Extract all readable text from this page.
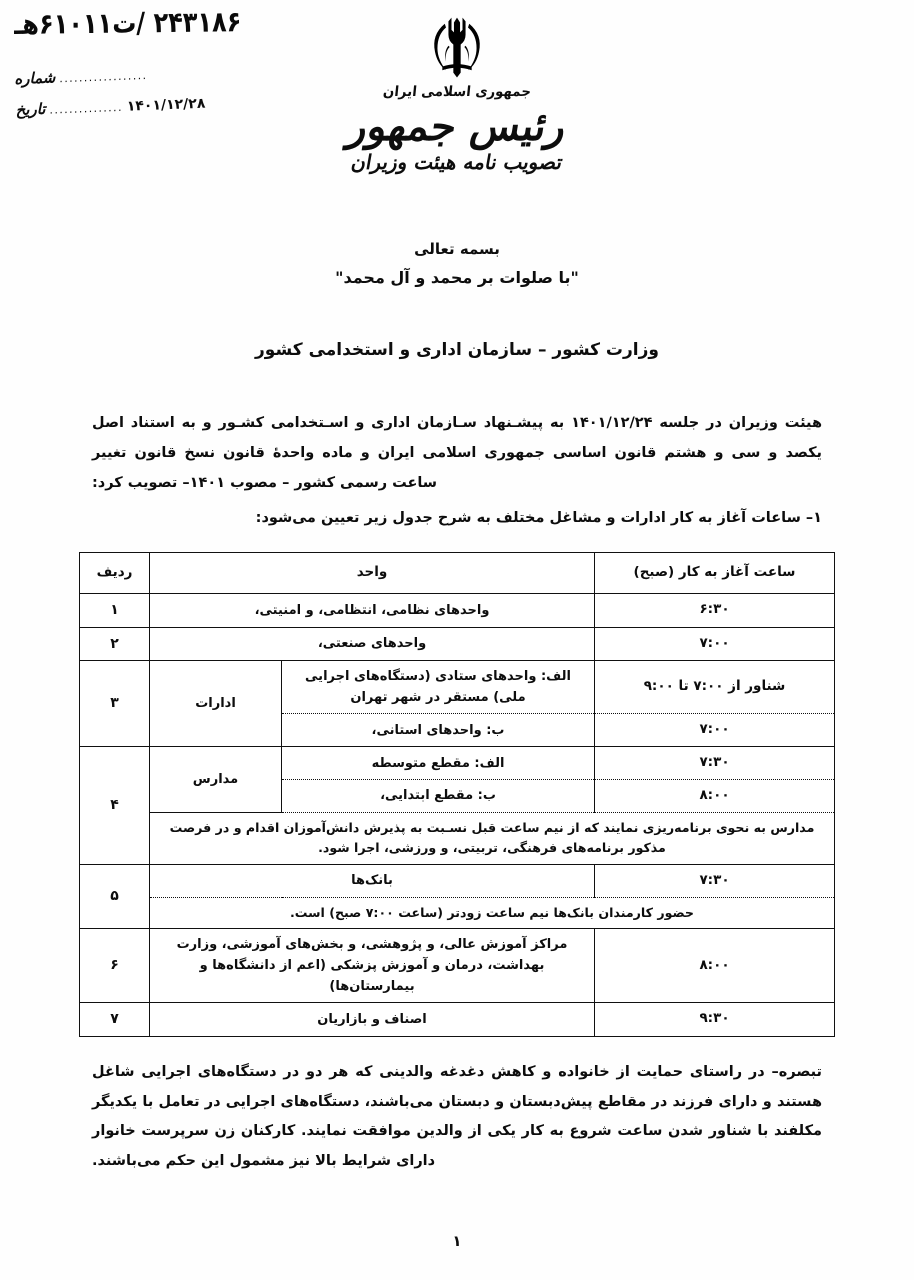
۲۴۳۱۸۶ /ت۶۱۰۱۱هـ
شماره ..................
تاریخ ............... ۱۴۰۱/۱۲/۲۸
جمهوری اسلامی ایران
رئیس جمهور
تصویب نامه هیئت وزیران
بسمه تعالی
"با صلوات بر محمد و آل محمد"
وزارت کشور – سازمان اداری و استخدامی کشور

هیئت وزیران در جلسه ۱۴۰۱/۱۲/۲۴ به پیشـنهاد سـازمان اداری و اسـتخدامی کشـور و به استناد اصل یکصد و سی و هشتم قانون اساسی جمهوری اسلامی ایران و ماده واحدهٔ قانون نسخ قانون تغییر ساعت رسمی کشور – مصوب ۱۴۰۱– تصویب کرد:

۱– ساعات آغاز به کار ادارات و مشاغل مختلف به شرح جدول زیر تعیین می‌شود:

ساعت آغاز به کار (صبح)	واحد		ردیف
۶:۳۰	واحدهای نظامی، انتظامی، و امنیتی،		۱
۷:۰۰	واحدهای صنعتی،		۲
شناور از ۷:۰۰ تا ۹:۰۰	الف: واحدهای ستادی (دستگاه‌های اجرایی ملی) مستقر در شهر تهران	ادارات	۳
۷:۰۰	ب: واحدهای استانی،		
۷:۳۰	الف: مقطع متوسطه	مدارس	۴
۸:۰۰	ب: مقطع ابتدایی،		
مدارس به نحوی برنامه‌ریزی نمایند که از نیم ساعت قبل نسـبت به پذیرش دانش‌آموزان اقدام و در فرصت مذکور برنامه‌های فرهنگی، تربیتی، و ورزشی، اجرا شود.			
۷:۳۰	بانک‌ها		۵
حضور کارمندان بانک‌ها نیم ساعت زودتر (ساعت ۷:۰۰ صبح) است.			
۸:۰۰	مراکز آموزش عالی، و پژوهشی، و بخش‌های آموزشی، وزارت بهداشت، درمان و آموزش پزشکی (اعم از دانشگاه‌ها و بیمارستان‌ها)		۶
۹:۳۰	اصناف و بازاریان		۷

تبصره– در راستای حمایت از خانواده و کاهش دغدغه والدینی که هر دو در دستگاه‌های اجرایی شاغل هستند و دارای فرزند در مقاطع پیش‌دبستان و دبستان می‌باشند، دستگاه‌های اجرایی در تعامل با یکدیگر مکلفند با شناور شدن ساعت شروع به کار یکی از والدین موافقت نمایند. کارکنان زن سرپرست خانوار دارای شرایط بالا نیز مشمول این حکم می‌باشند.

۱
